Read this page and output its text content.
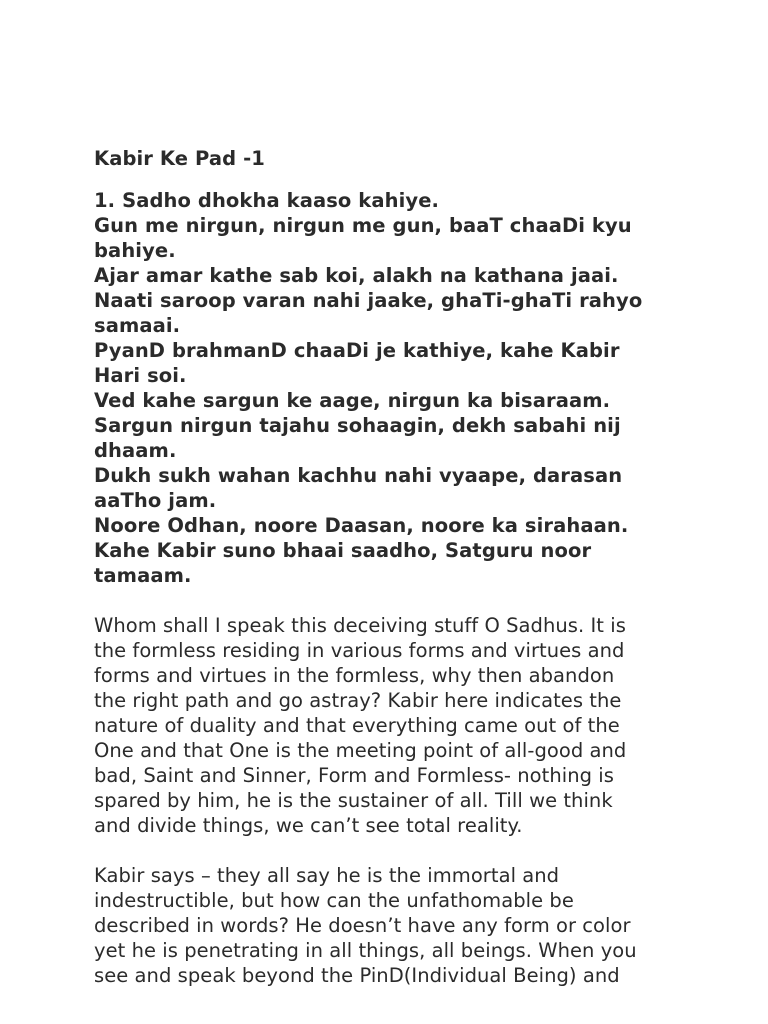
Kabir Ke Pad -1
1. Sadho dhokha kaaso kahiye.
Gun me nirgun, nirgun me gun, baaT chaaDi kyu
bahiye.
Ajar amar kathe sab koi, alakh na kathana jaai.
Naati saroop varan nahi jaake, ghaTi-ghaTi rahyo
samaai.
PyanD brahmanD chaaDi je kathiye, kahe Kabir
Hari soi.
Ved kahe sargun ke aage, nirgun ka bisaraam.
Sargun nirgun tajahu sohaagin, dekh sabahi nij
dhaam.
Dukh sukh wahan kachhu nahi vyaape, darasan
aaTho jam.
Noore Odhan, noore Daasan, noore ka sirahaan.
Kahe Kabir suno bhaai saadho, Satguru noor
tamaam.
Whom shall I speak this deceiving stuff O Sadhus. It is
the formless residing in various forms and virtues and
forms and virtues in the formless, why then abandon
the right path and go astray? Kabir here indicates the
nature of duality and that everything came out of the
One and that One is the meeting point of all-good and
bad, Saint and Sinner, Form and Formless- nothing is
spared by him, he is the sustainer of all. Till we think
and divide things, we can’t see total reality.
Kabir says – they all say he is the immortal and
indestructible, but how can the unfathomable be
described in words? He doesn’t have any form or color
yet he is penetrating in all things, all beings. When you
see and speak beyond the PinD(Individual Being) and
